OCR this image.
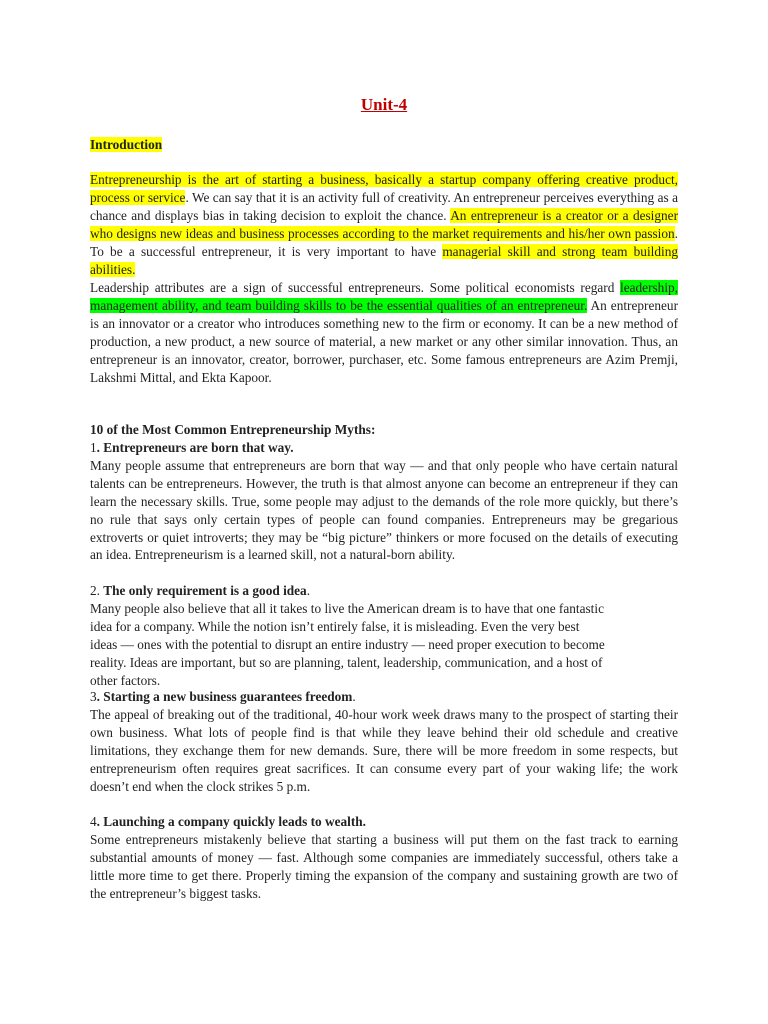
Unit-4
Introduction

Entrepreneurship is the art of starting a business, basically a startup company offering creative product, process or service. We can say that it is an activity full of creativity. An entrepreneur perceives everything as a chance and displays bias in taking decision to exploit the chance. An entrepreneur is a creator or a designer who designs new ideas and business processes according to the market requirements and his/her own passion. To be a successful entrepreneur, it is very important to have managerial skill and strong team building abilities.

Leadership attributes are a sign of successful entrepreneurs. Some political economists regard leadership, management ability, and team building skills to be the essential qualities of an entrepreneur. An entrepreneur is an innovator or a creator who introduces something new to the firm or economy. It can be a new method of production, a new product, a new source of material, a new market or any other similar innovation. Thus, an entrepreneur is an innovator, creator, borrower, purchaser, etc. Some famous entrepreneurs are Azim Premji, Lakshmi Mittal, and Ekta Kapoor.

10 of the Most Common Entrepreneurship Myths:

1. Entrepreneurs are born that way.

Many people assume that entrepreneurs are born that way — and that only people who have certain natural talents can be entrepreneurs. However, the truth is that almost anyone can become an entrepreneur if they can learn the necessary skills. True, some people may adjust to the demands of the role more quickly, but there’s no rule that says only certain types of people can found companies. Entrepreneurs may be gregarious extroverts or quiet introverts; they may be “big picture” thinkers or more focused on the details of executing an idea. Entrepreneurism is a learned skill, not a natural-born ability.

2. The only requirement is a good idea.

Many people also believe that all it takes to live the American dream is to have that one fantastic

idea for a company. While the notion isn’t entirely false, it is misleading. Even the very best

ideas — ones with the potential to disrupt an entire industry — need proper execution to become

reality. Ideas are important, but so are planning, talent, leadership, communication, and a host of

other factors.

3. Starting a new business guarantees freedom.

The appeal of breaking out of the traditional, 40-hour work week draws many to the prospect of starting their own business. What lots of people find is that while they leave behind their old schedule and creative limitations, they exchange them for new demands. Sure, there will be more freedom in some respects, but entrepreneurism often requires great sacrifices. It can consume every part of your waking life; the work doesn’t end when the clock strikes 5 p.m.

4. Launching a company quickly leads to wealth.

Some entrepreneurs mistakenly believe that starting a business will put them on the fast track to earning substantial amounts of money — fast. Although some companies are immediately successful, others take a little more time to get there. Properly timing the expansion of the company and sustaining growth are two of the entrepreneur’s biggest tasks.
